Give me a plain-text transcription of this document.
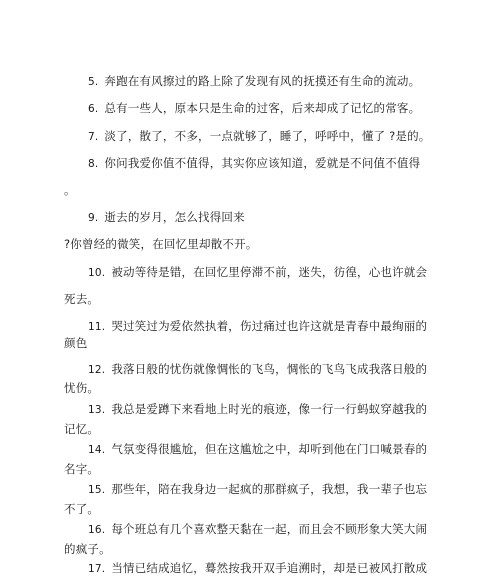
5. 奔跑在有风擦过的路上除了发现有风的抚摸还有生命的流动。
6. 总有一些人，原本只是生命的过客，后来却成了记忆的常客。
7. 淡了，散了，不多，一点就够了，睡了，呼呼中，懂了 ?是的。
8. 你问我爱你值不值得，其实你应该知道，爱就是不问值不值得
。
9. 逝去的岁月，怎么找得回来
?你曾经的微笑，在回忆里却散不开。
10. 被动等待是错，在回忆里停滞不前，迷失，彷徨，心也许就会
死去。
11. 哭过笑过为爱依然执着，伤过痛过也许这就是青春中最绚丽的
颜色
12. 我落日般的忧伤就像惆怅的飞鸟，惆怅的飞鸟飞成我落日般的
忧伤。
13. 我总是爱蹲下来看地上时光的痕迹，像一行一行蚂蚁穿越我的
记忆。
14. 气氛变得很尴尬，但在这尴尬之中，却听到他在门口喊景春的
名字。
15. 那些年，陪在我身边一起疯的那群疯子，我想，我一辈子也忘
不了。
16. 每个班总有几个喜欢整天黏在一起，而且会不顾形象大笑大闹
的疯子。
17. 当情已结成追忆，蓦然按我开双手追溯时，却是已被风打散成
